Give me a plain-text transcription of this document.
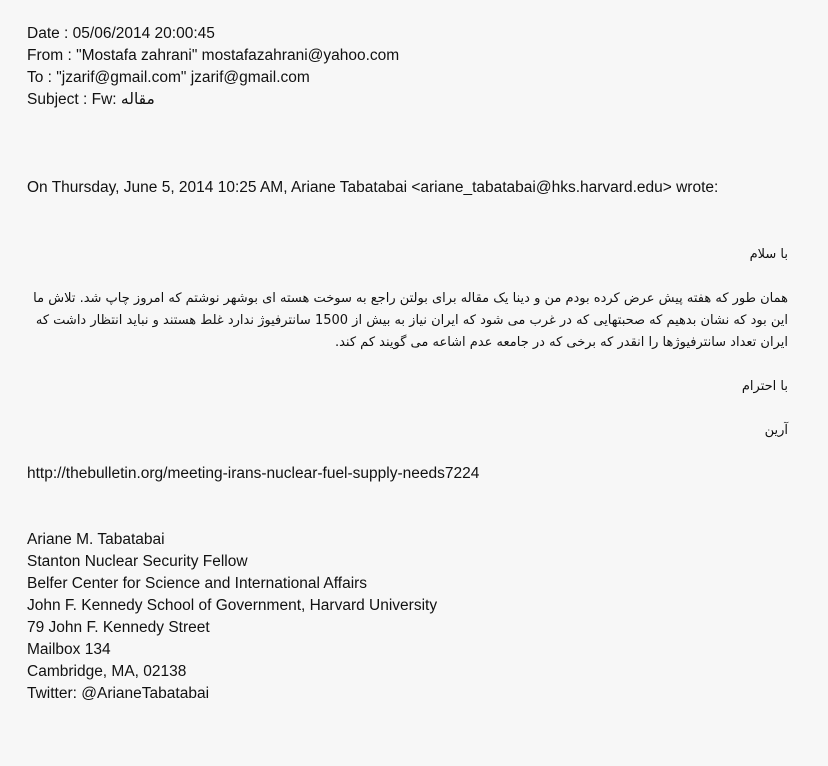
Date : 05/06/2014 20:00:45
From : "Mostafa zahrani" mostafazahrani@yahoo.com
To : "jzarif@gmail.com" jzarif@gmail.com
Subject : Fw: مقاله
On Thursday, June 5, 2014 10:25 AM, Ariane Tabatabai <ariane_tabatabai@hks.harvard.edu> wrote:
با سلام
همان طور که هفته پیش عرض کرده بودم من و دینا یک مقاله برای بولتن راجع به سوخت هسته ای بوشهر نوشتم که امروز چاپ شد. تلاش ما این بود که نشان بدهیم که صحبتهایی که در غرب می شود که ایران نیاز به بیش از 1500 سانترفیوژ ندارد غلط هستند و نباید انتظار داشت که ایران تعداد سانترفیوژها را انقدر که برخی که در جامعه عدم اشاعه می گویند کم کند.
با احترام
آرین
http://thebulletin.org/meeting-irans-nuclear-fuel-supply-needs7224
Ariane M. Tabatabai
Stanton Nuclear Security Fellow
Belfer Center for Science and International Affairs
John F. Kennedy School of Government, Harvard University
79 John F. Kennedy Street
Mailbox 134
Cambridge, MA, 02138
Twitter: @ArianeTabatabai
